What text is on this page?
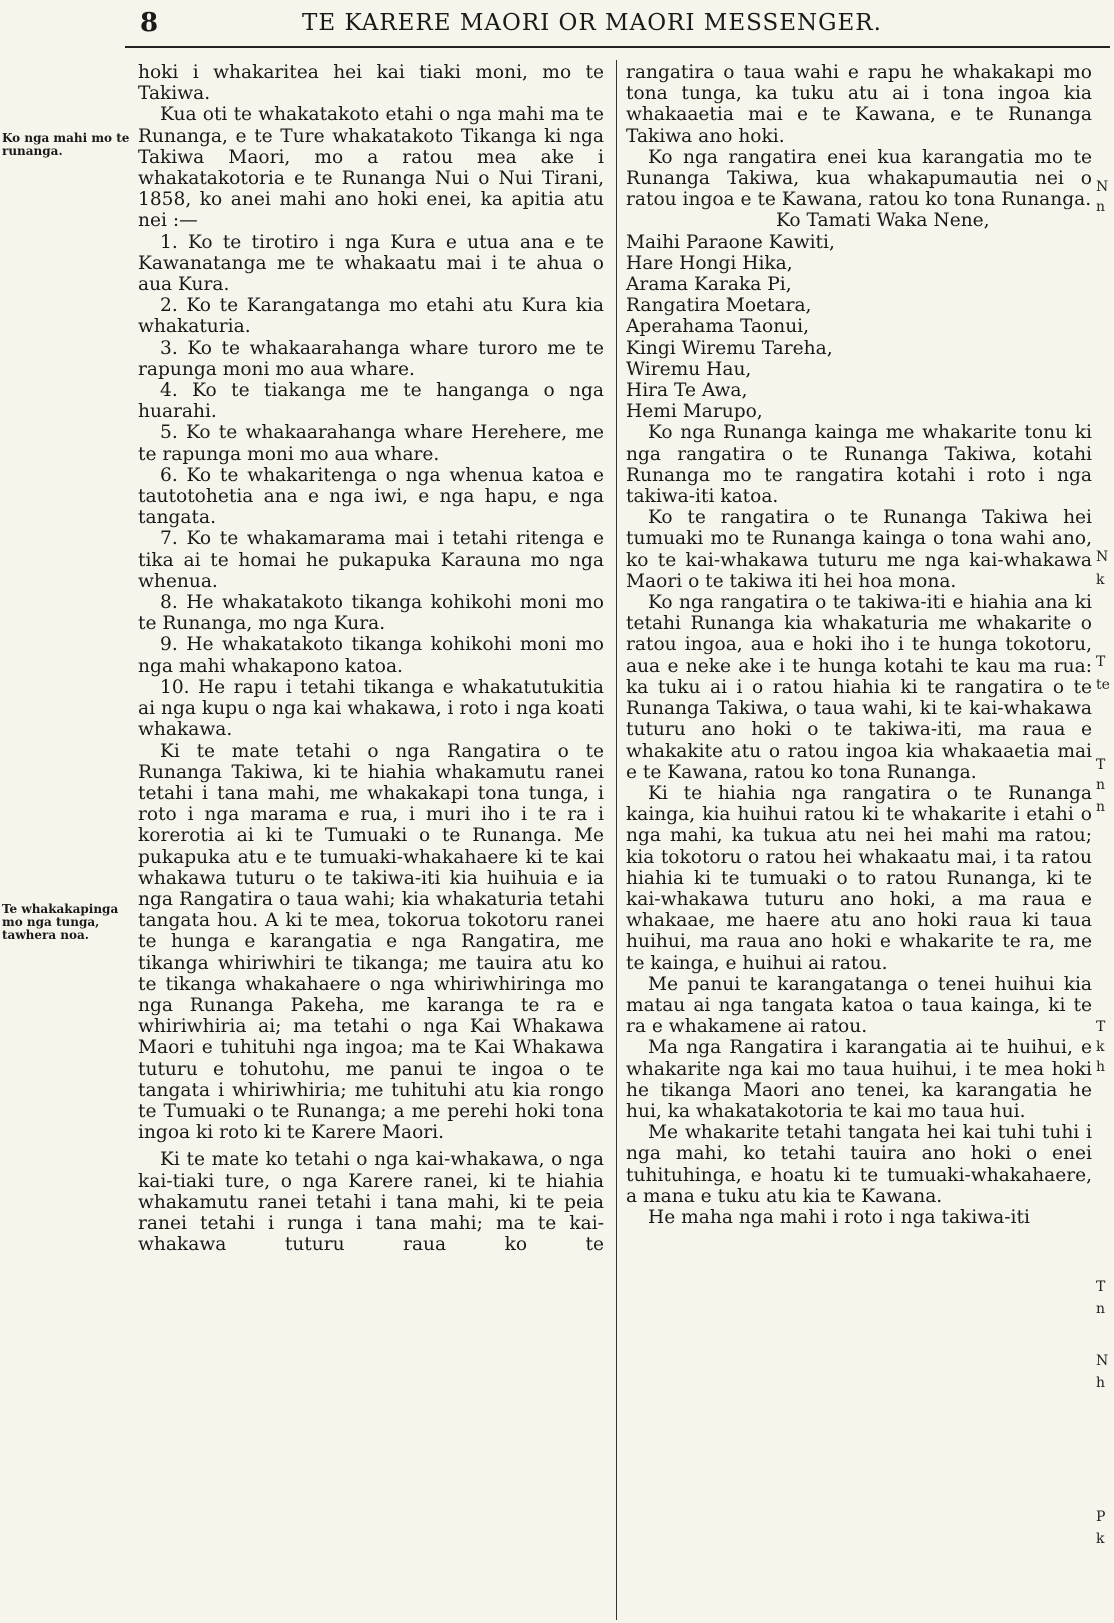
8	TE KARERE MAORI OR MAORI MESSENGER.
Ko nga mahi mo te runanga.
Te whakakapinga mo nga tunga, tawhera noa.

hoki i whakaritea hei kai tiaki moni, mo te Takiwa.

Kua oti te whakatakoto etahi o nga mahi ma te Runanga, e te Ture whakatakoto Tikanga ki nga Takiwa Maori, mo a ratou mea ake i whakatakotoria e te Runanga Nui o Nui Tirani, 1858, ko anei mahi ano hoki enei, ka apitia atu nei :—

1. Ko te tirotiro i nga Kura e utua ana e te Kawanatanga me te whakaatu mai i te ahua o aua Kura.

2. Ko te Karangatanga mo etahi atu Kura kia whakaturia.

3. Ko te whakaarahanga whare turoro me te rapunga moni mo aua whare.

4. Ko te tiakanga me te hanganga o nga huarahi.

5. Ko te whakaarahanga whare Herehere, me te rapunga moni mo aua whare.

6. Ko te whakaritenga o nga whenua katoa e tautotohetia ana e nga iwi, e nga hapu, e nga tangata.

7. Ko te whakamarama mai i tetahi ritenga e tika ai te homai he pukapuka Karauna mo nga whenua.

8. He whakatakoto tikanga kohikohi moni mo te Runanga, mo nga Kura.

9. He whakatakoto tikanga kohikohi moni mo nga mahi whakapono katoa.

10. He rapu i tetahi tikanga e whakatutukitia ai nga kupu o nga kai whakawa, i roto i nga koati whakawa.

Ki te mate tetahi o nga Rangatira o te Runanga Takiwa, ki te hiahia whakamutu ranei tetahi i tana mahi, me whakakapi tona tunga, i roto i nga marama e rua, i muri iho i te ra i korerotia ai ki te Tumuaki o te Runanga. Me pukapuka atu e te tumuaki-whakahaere ki te kai whakawa tuturu o te takiwa-iti kia huihuia e ia nga Rangatira o taua wahi; kia whakaturia tetahi tangata hou. A ki te mea, tokorua tokotoru ranei te hunga e karangatia e nga Rangatira, me tikanga whiriwhiri te tikanga; me tauira atu ko te tikanga whakahaere o nga whiriwhiringa mo nga Runanga Pakeha, me karanga te ra e whiriwhiria ai; ma tetahi o nga Kai Whakawa Maori e tuhituhi nga ingoa; ma te Kai Whakawa tuturu e tohutohu, me panui te ingoa o te tangata i whiriwhiria; me tuhituhi atu kia rongo te Tumuaki o te Runanga; a me perehi hoki tona ingoa ki roto ki te Karere Maori.

Ki te mate ko tetahi o nga kai-whakawa, o nga kai-tiaki ture, o nga Karere ranei, ki te hiahia whakamutu ranei tetahi i tana mahi, ki te peia ranei tetahi i runga i tana mahi; ma te kai-whakawa tuturu raua ko te

rangatira o taua wahi e rapu he whakakapi mo tona tunga, ka tuku atu ai i tona ingoa kia whakaaetia mai e te Kawana, e te Runanga Takiwa ano hoki.

Ko nga rangatira enei kua karangatia mo te Runanga Takiwa, kua whakapumautia nei o ratou ingoa e te Kawana, ratou ko tona Runanga.

Ko Tamati Waka Nene,

Maihi Paraone Kawiti,

Hare Hongi Hika,

Arama Karaka Pi,

Rangatira Moetara,

Aperahama Taonui,

Kingi Wiremu Tareha,

Wiremu Hau,

Hira Te Awa,

Hemi Marupo,

Ko nga Runanga kainga me whakarite tonu ki nga rangatira o te Runanga Takiwa, kotahi Runanga mo te rangatira kotahi i roto i nga takiwa-iti katoa.

Ko te rangatira o te Runanga Takiwa hei tumuaki mo te Runanga kainga o tona wahi ano, ko te kai-whakawa tuturu me nga kai-whakawa Maori o te takiwa iti hei hoa mona.

Ko nga rangatira o te takiwa-iti e hiahia ana ki tetahi Runanga kia whakaturia me whakarite o ratou ingoa, aua e hoki iho i te hunga tokotoru, aua e neke ake i te hunga kotahi te kau ma rua: ka tuku ai i o ratou hiahia ki te rangatira o te Runanga Takiwa, o taua wahi, ki te kai-whakawa tuturu ano hoki o te takiwa-iti, ma raua e whakakite atu o ratou ingoa kia whakaaetia mai e te Kawana, ratou ko tona Runanga.

Ki te hiahia nga rangatira o te Runanga kainga, kia huihui ratou ki te whakarite i etahi o nga mahi, ka tukua atu nei hei mahi ma ratou; kia tokotoru o ratou hei whakaatu mai, i ta ratou hiahia ki te tumuaki o to ratou Runanga, ki te kai-whakawa tuturu ano hoki, a ma raua e whakaae, me haere atu ano hoki raua ki taua huihui, ma raua ano hoki e whakarite te ra, me te kainga, e huihui ai ratou.

Me panui te karangatanga o tenei huihui kia matau ai nga tangata katoa o taua kainga, ki te ra e whakamene ai ratou.

Ma nga Rangatira i karangatia ai te huihui, e whakarite nga kai mo taua huihui, i te mea hoki he tikanga Maori ano tenei, ka karangatia he hui, ka whakatakotoria te kai mo taua hui.

Me whakarite tetahi tangata hei kai tuhi tuhi i nga mahi, ko tetahi tauira ano hoki o enei tuhituhinga, e hoatu ki te tumuaki-whakahaere, a mana e tuku atu kia te Kawana.

He maha nga mahi i roto i nga takiwa-iti

N
n
N
k
T
te
T
n
n
T
k
h
T
n
N
h
P
k
